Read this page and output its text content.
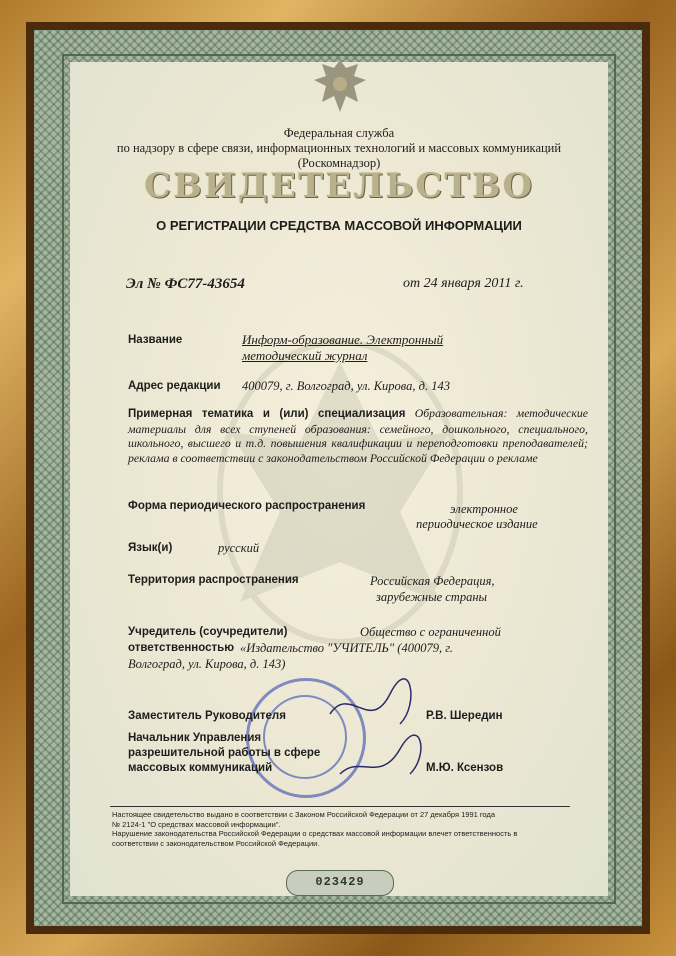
Федеральная служба
по надзору в сфере связи, информационных технологий и массовых коммуникаций
(Роскомнадзор)
СВИДЕТЕЛЬСТВО
О РЕГИСТРАЦИИ СРЕДСТВА МАССОВОЙ ИНФОРМАЦИИ
Эл № ФС77-43654	от 24 января 2011 г.
Название	Информ-образование. Электронный
методический журнал
Адрес редакции 400079, г. Волгоград, ул. Кирова, д. 143
Примерная тематика и (или) специализация Образовательная: методические материалы для всех ступеней образования: семейного, дошкольного, специального, школьного, высшего и т.д. повышения квалификации и переподготовки преподавателей; реклама в соответствии с законодательством Российской Федерации о рекламе
Форма периодического распространения	электронное
периодическое издание
Язык(и)	русский
Территория распространения	Российская Федерация,
зарубежные страны
Учредитель (соучредители)	Общество с ограниченной
ответственностью «Издательство "УЧИТЕЛЬ" (400079, г.
Волгоград, ул. Кирова, д. 143)
Заместитель Руководителя	Р.В. Шередин
Начальник Управления
разрешительной работы в сфере
массовых коммуникаций	М.Ю. Ксензов
Настоящее свидетельство выдано в соответствии с Законом Российской Федерации от 27 декабря 1991 года
№ 2124-1 "О средствах массовой информации".
Нарушение законодательства Российской Федерации о средствах массовой информации влечет ответственность в
соответствии с законодательством Российской Федерации.
023429
